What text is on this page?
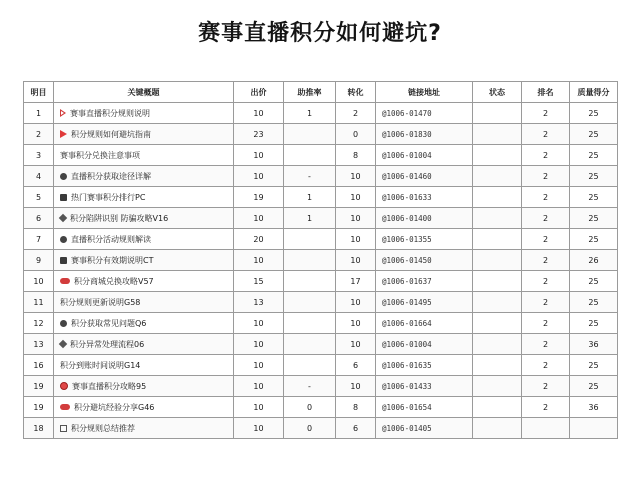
赛事直播积分如何避坑?
明目	关键概题	出价	助推率	转化	链接地址	状态	排名	质量得分
1	赛事直播积分规则说明	10	1	2	@1006-01470		2	25
2	积分规则如何避坑指南	23		0	@1006-01830		2	25
3	赛事积分兑换注意事项	10		8	@1006-01004		2	25
4	直播积分获取途径详解	10	-	10	@1006-01460		2	25
5	热门赛事积分排行PC	19	1	10	@1006-01633		2	25
6	积分陷阱识别 防骗攻略V16	10	1	10	@1006-01400		2	25
7	直播积分活动规则解读	20		10	@1006-01355		2	25
9	赛事积分有效期说明CT	10		10	@1006-01450		2	26
10	积分商城兑换攻略V57	15		17	@1006-01637		2	25
11	积分规则更新说明G58	13		10	@1006-01495		2	25
12	积分获取常见问题Q6	10		10	@1006-01664		2	25
13	积分异常处理流程06	10		10	@1006-01004		2	36
16	积分到账时间说明G14	10		6	@1006-01635		2	25
19	赛事直播积分攻略95	10	-	10	@1006-01433		2	25
19	积分避坑经验分享G46	10	0	8	@1006-01654		2	36
18	积分规则总结推荐	10	0	6	@1006-01405			
